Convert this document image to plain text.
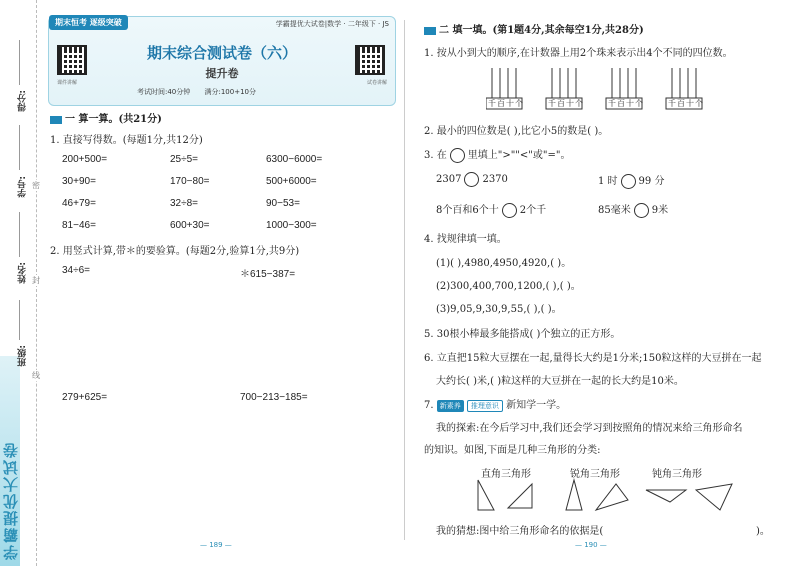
学霸提优大试卷
得分:
学号:
姓名:
班级:
密
封
线
期末恒考 逐级突破	学霸提优大试卷|数学 · 二年级下 · JS
课件讲解	试卷讲解
期末综合测试卷（六）
提升卷
考试时间:40分钟 满分:100+10分
一 算一算。(共21分)
1. 直接写得数。(每题1分,共12分)
200+500=	25÷5=	6300−6000=
30+90=	170−80=	500+6000=
46+79=	32÷8=	90−53=
81−46=	600+30=	1000−300=
2. 用竖式计算,带＊的要验算。(每题2分,验算1分,共9分)
34÷6=	＊615−387=
279+625=	700−213−185=
— 189 —
二 填一填。(第1题4分,其余每空1分,共28分)
1. 按从小到大的顺序,在计数器上用2个珠来表示出4个不同的四位数。
千百十个	千百十个	千百十个	千百十个
2. 最小的四位数是( ),比它小5的数是( )。
3. 在 里填上">""<"或"="。
2307 2370	1 时 99 分
8个百和6个十 2个千	85毫米 9米
4. 找规律填一填。
(1)( ),4980,4950,4920,( )。
(2)300,400,700,1200,( ),( )。
(3)9,05,9,30,9,55,( ),( )。
5. 30根小棒最多能搭成( )个独立的正方形。
6. 立直把15粒大豆摆在一起,量得长大约是1分米;150粒这样的大豆拼在一起
大约长( )米,( )粒这样的大豆拼在一起的长大约是10米。
7. 新素养 推理意识 新知学一学。
我的探索:在今后学习中,我们还会学习到按照角的情况来给三角形命名
的知识。如图,下面是几种三角形的分类:
直角三角形	锐角三角形	钝角三角形
我的猜想:图中给三角形命名的依据是(	)。
— 190 —
